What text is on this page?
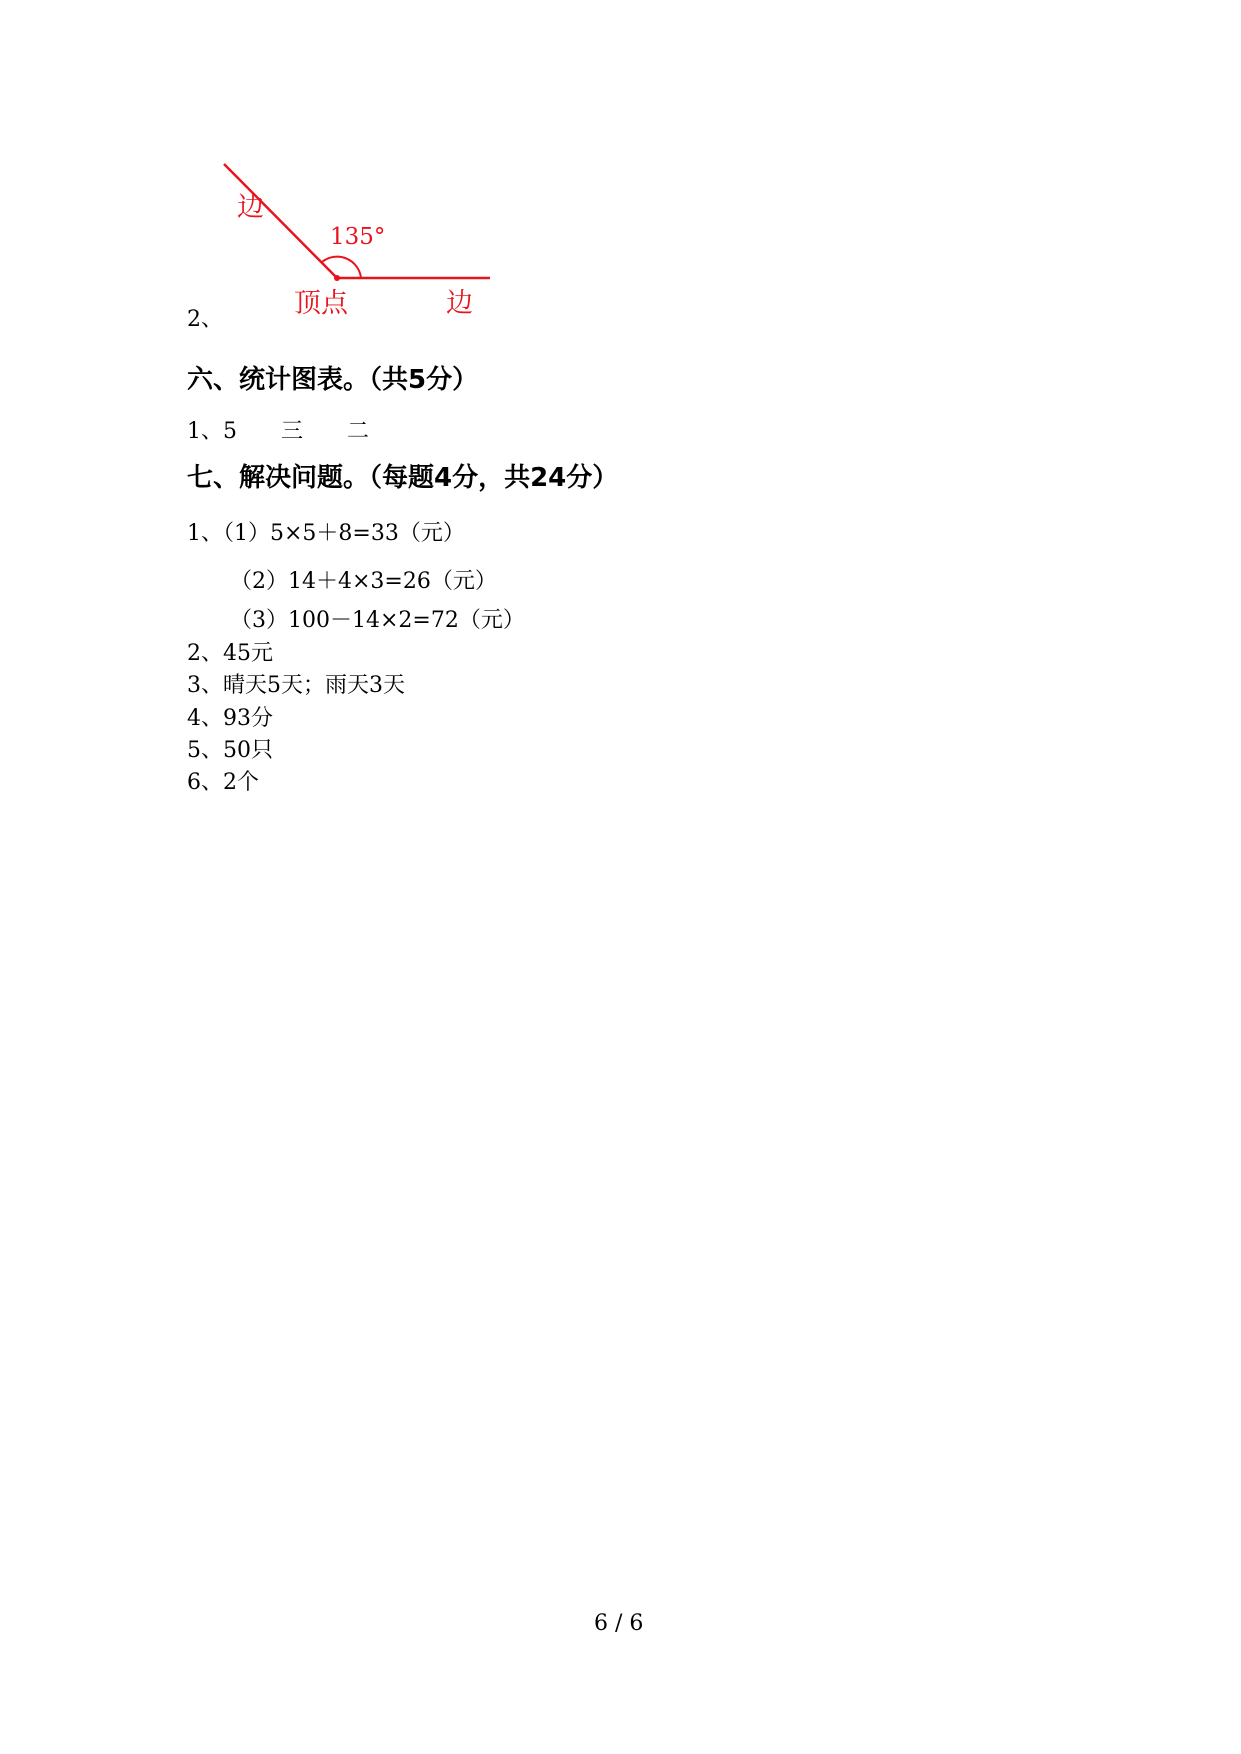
边
135°
顶点	边
2、
六、统计图表。（共5分）
1、5 三 二
七、解决问题。（每题4分，共24分）
1、（1）5×5＋8=33（元）
（2）14＋4×3=26（元）
（3）100－14×2=72（元）
2、45元
3、晴天5天；雨天3天
4、93分
5、50只
6、2个
6 / 6
